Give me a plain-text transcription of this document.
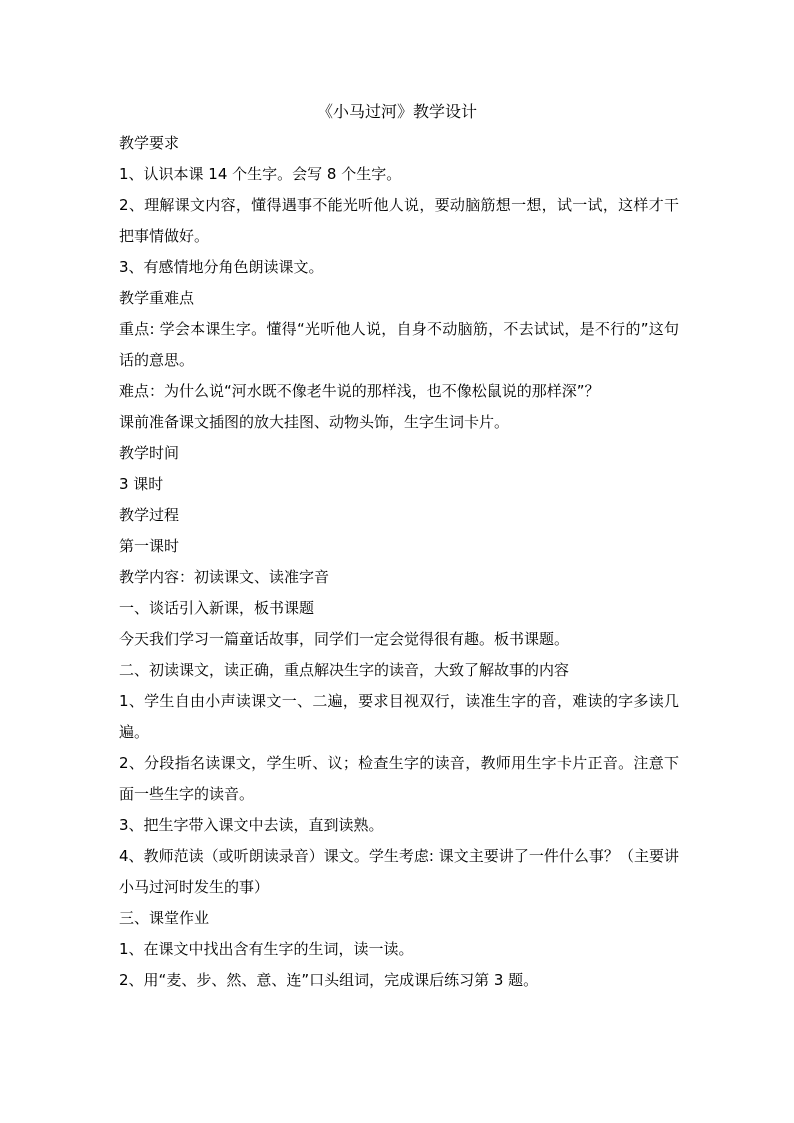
《小马过河》教学设计

教学要求

1、认识本课 14 个生字。会写 8 个生字。

2、理解课文内容，懂得遇事不能光听他人说，要动脑筋想一想，试一试，这样才干把事情做好。

3、有感情地分角色朗读课文。

教学重难点

重点: 学会本课生字。懂得“光听他人说，自身不动脑筋，不去试试，是不行的”这句话的意思。

难点：为什么说“河水既不像老牛说的那样浅，也不像松鼠说的那样深”？

课前准备课文插图的放大挂图、动物头饰，生字生词卡片。

教学时间

3 课时

教学过程

第一课时

教学内容：初读课文、读准字音

一、谈话引入新课，板书课题

今天我们学习一篇童话故事，同学们一定会觉得很有趣。板书课题。

二、初读课文，读正确，重点解决生字的读音，大致了解故事的内容

1、学生自由小声读课文一、二遍，要求目视双行，读准生字的音，难读的字多读几遍。

2、分段指名读课文，学生听、议；检查生字的读音，教师用生字卡片正音。注意下面一些生字的读音。

3、把生字带入课文中去读，直到读熟。

4、教师范读（或听朗读录音）课文。学生考虑: 课文主要讲了一件什么事？（主要讲小马过河时发生的事）

三、课堂作业

1、在课文中找出含有生字的生词，读一读。

2、用“麦、步、然、意、连”口头组词，完成课后练习第 3 题。
